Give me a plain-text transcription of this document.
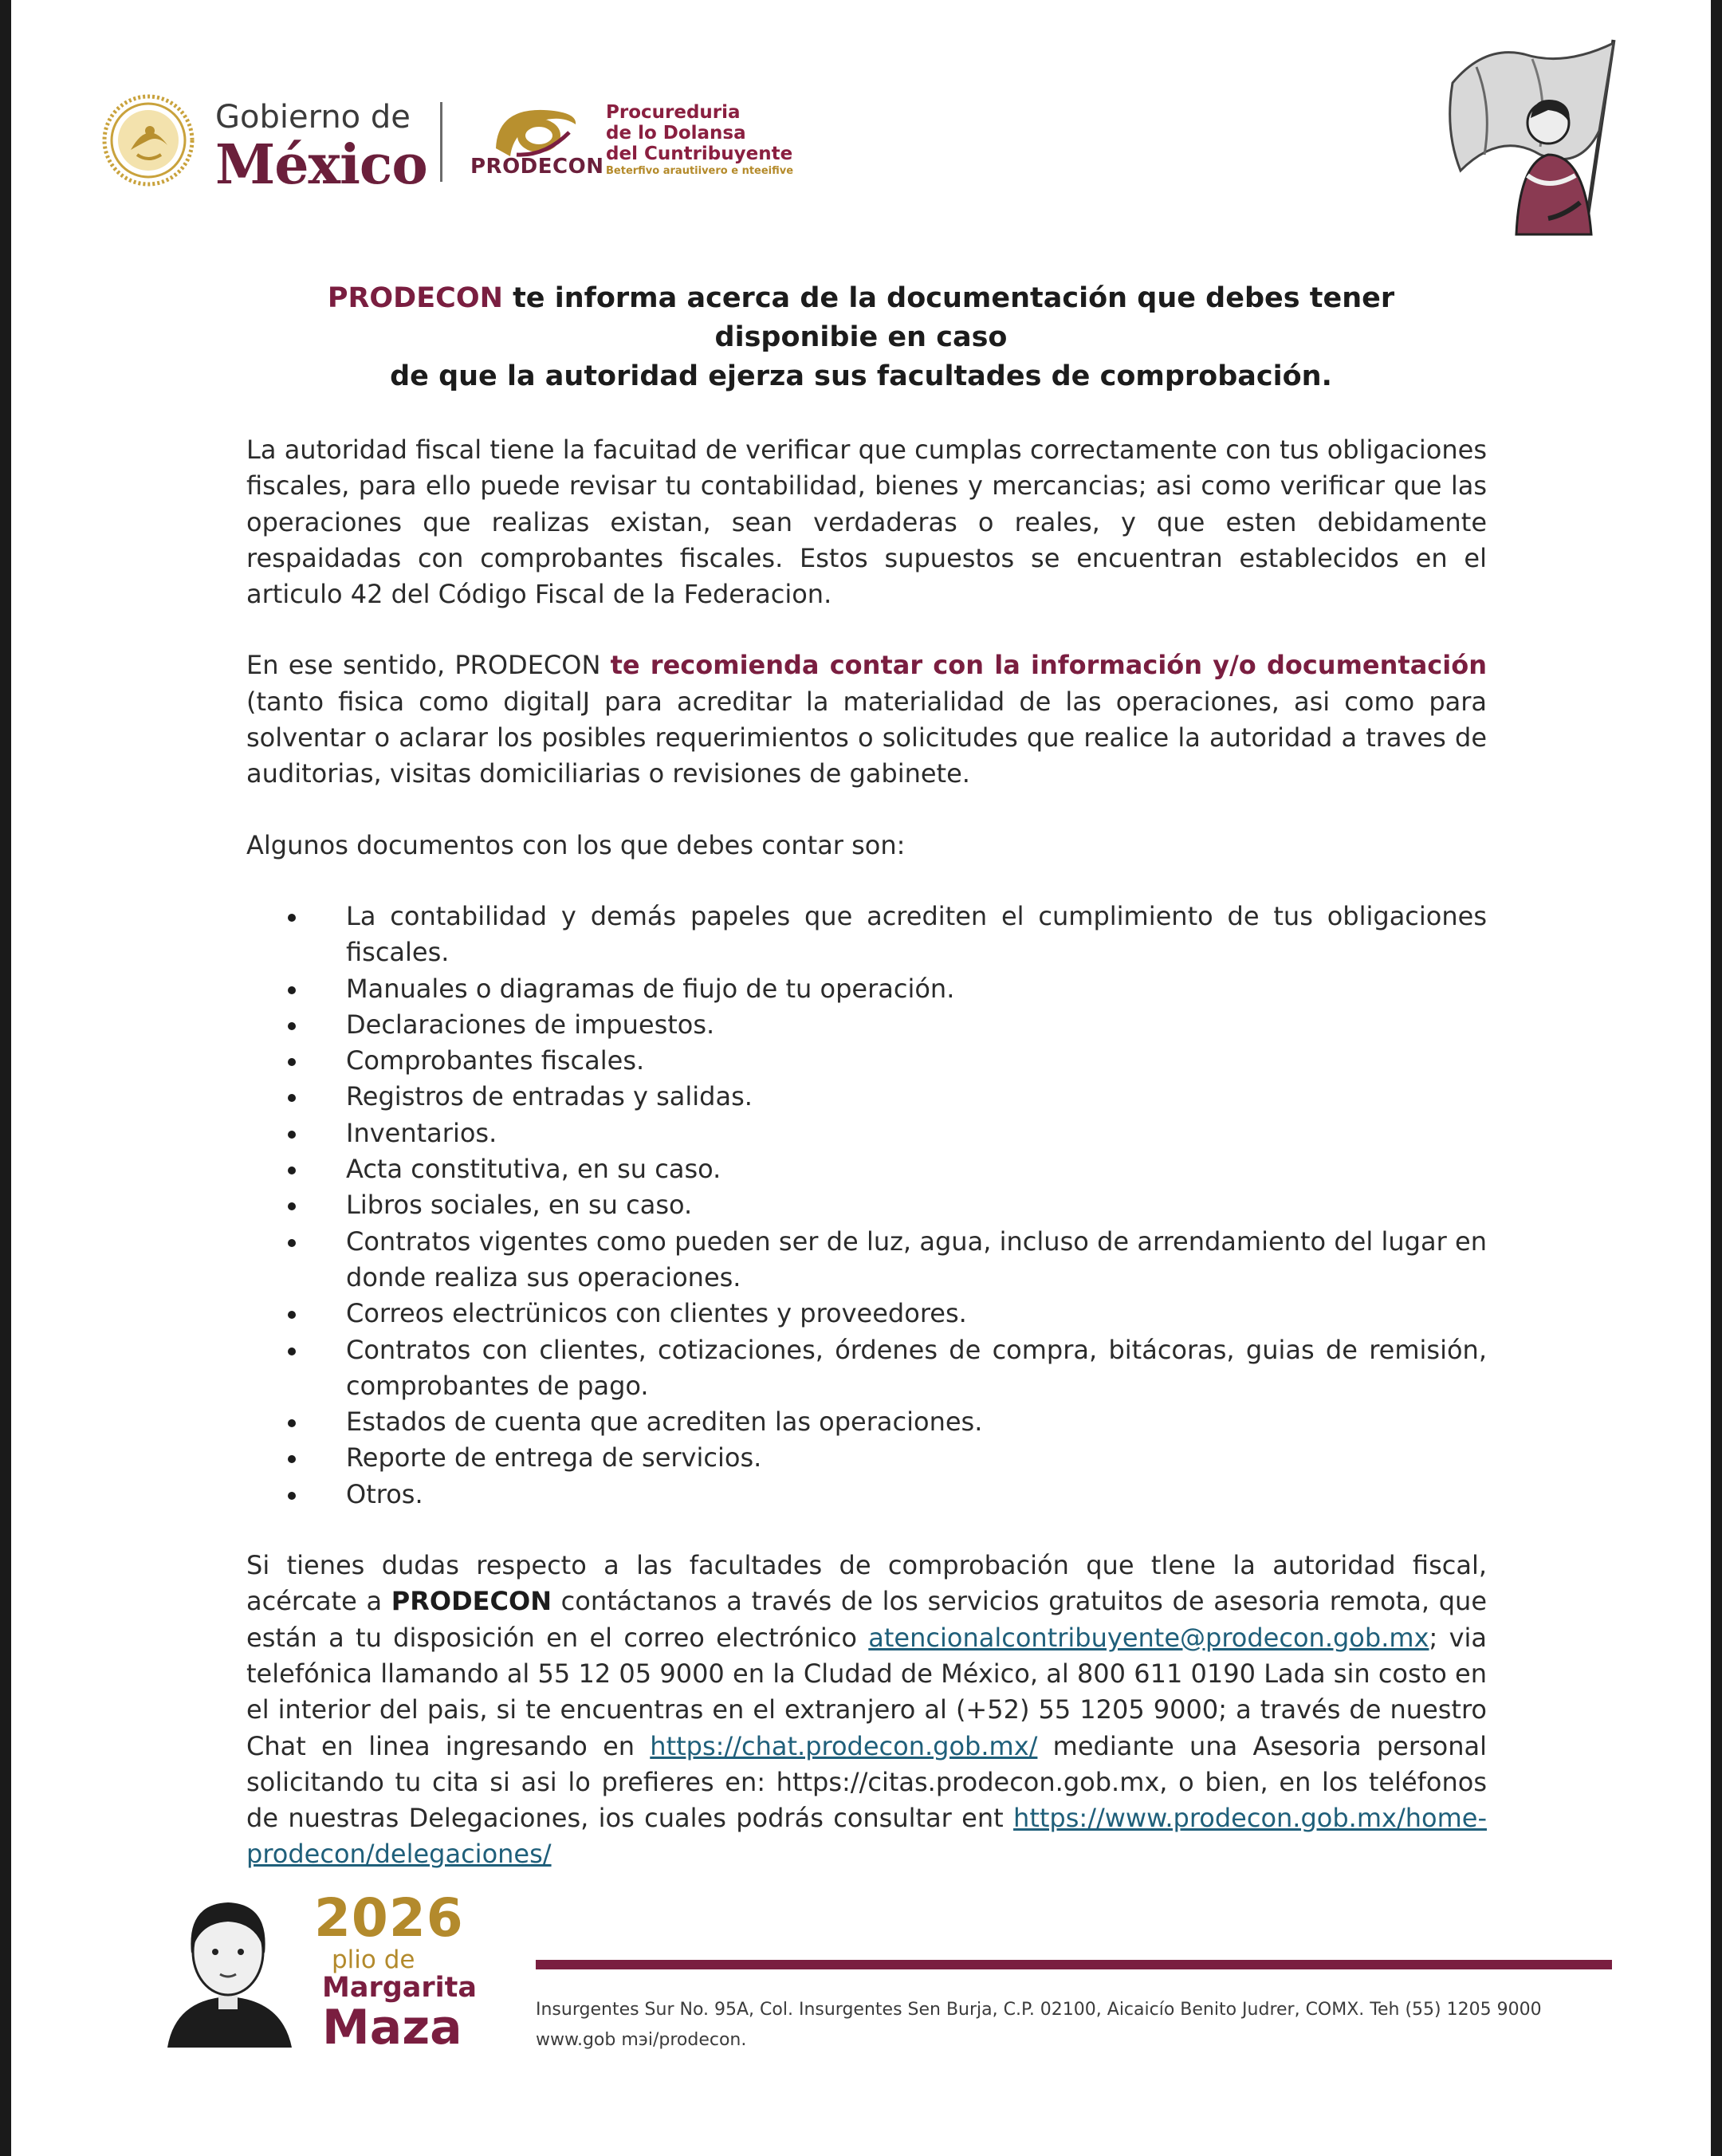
Gobierno de
México	PRODECON
Procureduria
de lo Dolansa
del Cuntribuyente
Beterfivo arautiivero e nteeifive
PRODECON te informa acerca de la documentación que debes tener disponibie en caso
de que la autoridad ejerza sus facultades de comprobación.

La autoridad fiscal tiene la facuitad de verificar que cumplas correctamente con tus obligaciones fiscales, para ello puede revisar tu contabilidad, bienes y mercancias; asi como verificar que las operaciones que realizas existan, sean verdaderas o reales, y que esten debidamente respaidadas con comprobantes fiscales. Estos supuestos se encuentran establecidos en el articulo 42 del Código Fiscal de la Federacion.

En ese sentido, PRODECON te recomienda contar con la información y/o documentación (tanto fisica como digitalJ para acreditar la materialidad de las operaciones, asi como para solventar o aclarar los posibles requerimientos o solicitudes que realice la autoridad a traves de auditorias, visitas domiciliarias o revisiones de gabinete.

Algunos documentos con los que debes contar son:

La contabilidad y demás papeles que acrediten el cumplimiento de tus obligaciones fiscales.
Manuales o diagramas de fiujo de tu operación.
Declaraciones de impuestos.
Comprobantes fiscales.
Registros de entradas y salidas.
Inventarios.
Acta constitutiva, en su caso.
Libros sociales, en su caso.
Contratos vigentes como pueden ser de luz, agua, incluso de arrendamiento del lugar en donde realiza sus operaciones.
Correos electrünicos con clientes y proveedores.
Contratos con clientes, cotizaciones, órdenes de compra, bitácoras, guias de remisión, comprobantes de pago.
Estados de cuenta que acrediten las operaciones.
Reporte de entrega de servicios.
Otros.

Si tienes dudas respecto a las facultades de comprobación que tlene la autoridad fiscal, acércate a PRODECON contáctanos a través de los servicios gratuitos de asesoria remota, que están a tu disposición en el correo electrónico atencionalcontribuyente@prodecon.gob.mx; via telefónica llamando al 55 12 05 9000 en la Cludad de México, al 800 611 0190 Lada sin costo en el interior del pais, si te encuentras en el extranjero al (+52) 55 1205 9000; a través de nuestro Chat en linea ingresando en https://chat.prodecon.gob.mx/ mediante una Asesoria personal solicitando tu cita si asi lo prefieres en: https://citas.prodecon.gob.mx, o bien, en los teléfonos de nuestras Delegaciones, ios cuales podrás consultar ent https://www.prodecon.gob.mx/home-prodecon/delegaciones/

2026
plio de
Margarita
Maza	Insurgentes Sur No. 95A, Col. Insurgentes Sen Burja, C.P. 02100, Aicaicío Benito Judrer, COMX. Teh (55) 1205 9000
www.gob mэi/prodecon.
